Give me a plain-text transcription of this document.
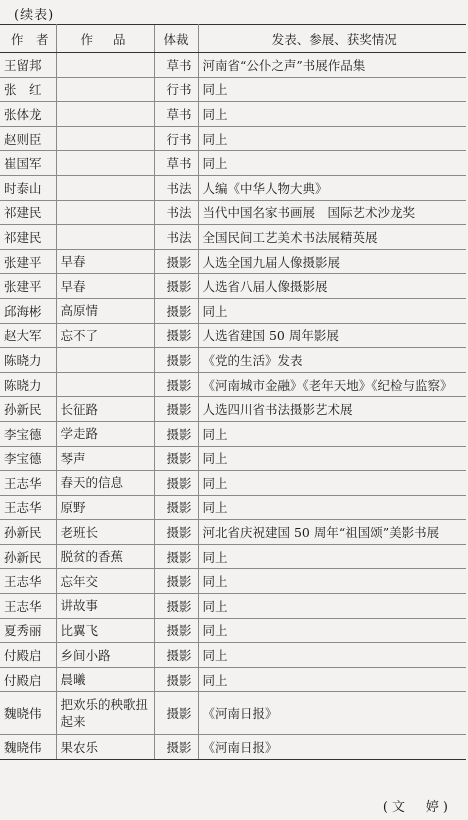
(续表)
作　者	作 品	体裁	发表、参展、获奖情况
王留邦		草书	河南省“公仆之声”书展作品集
张　红		行书	同上
张体龙		草书	同上
赵则臣		行书	同上
崔国军		草书	同上
时泰山		书法	人编《中华人物大典》
祁建民		书法	当代中国名家书画展　国际艺术沙龙奖
祁建民		书法	全国民间工艺美术书法展精英展
张建平	早春	摄影	人选全国九届人像摄影展
张建平	早春	摄影	人选省八届人像摄影展
邱海彬	高原情	摄影	同上
赵大军	忘不了	摄影	人选省建国 50 周年影展
陈晓力		摄影	《党的生活》发表
陈晓力		摄影	《河南城市金融》《老年天地》《纪检与监察》
孙新民	长征路	摄影	人选四川省书法摄影艺术展
李宝德	学走路	摄影	同上
李宝德	琴声	摄影	同上
王志华	春天的信息	摄影	同上
王志华	原野	摄影	同上
孙新民	老班长	摄影	河北省庆祝建国 50 周年“祖国颂”美影书展
孙新民	脱贫的香蕉	摄影	同上
王志华	忘年交	摄影	同上
王志华	讲故事	摄影	同上
夏秀丽	比翼飞	摄影	同上
付殿启	乡间小路	摄影	同上
付殿启	晨曦	摄影	同上
魏晓伟	把欢乐的秧歌扭起来	摄影	《河南日报》
魏晓伟	果农乐	摄影	《河南日报》
(文　婷)
